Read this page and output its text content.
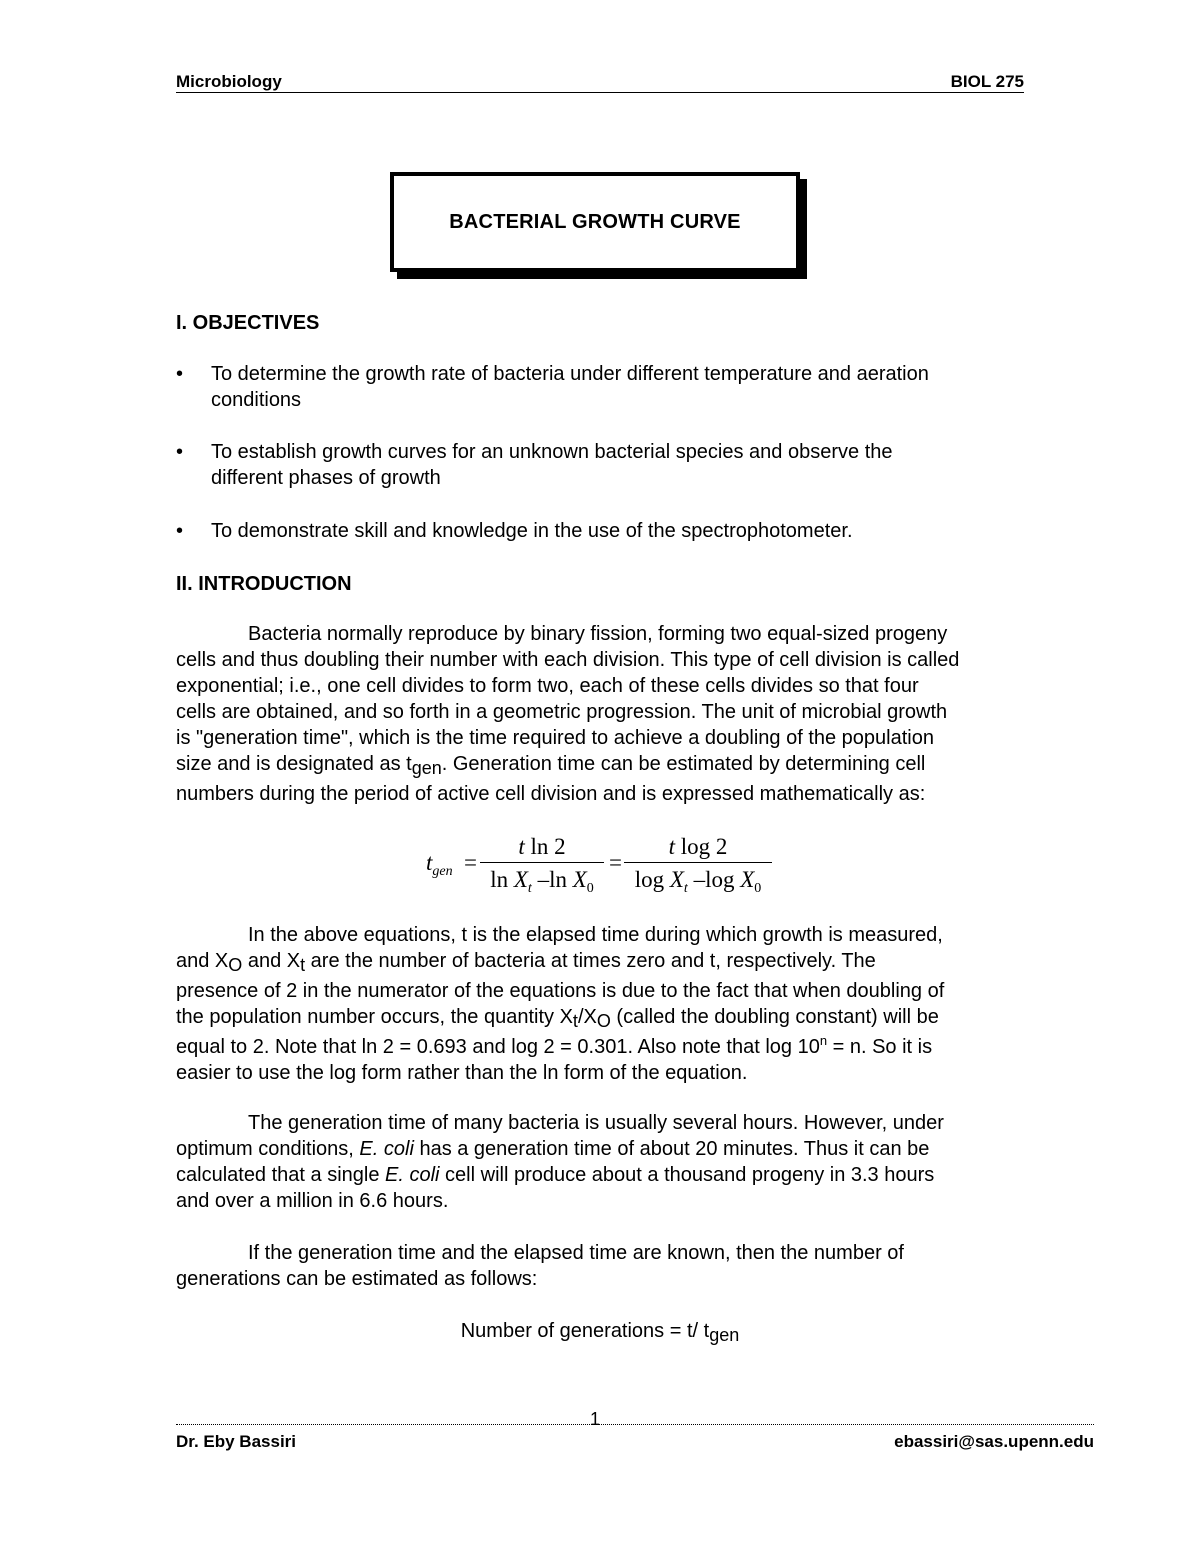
Microbiology	BIOL 275
BACTERIAL GROWTH CURVE
I. OBJECTIVES
•	To determine the growth rate of bacteria under different temperature and aeration
conditions
•	To establish growth curves for an unknown bacterial species and observe the
different phases of growth
•	To demonstrate skill and knowledge in the use of the spectrophotometer.
II. INTRODUCTION
Bacteria normally reproduce by binary fission, forming two equal-sized progeny
cells and thus doubling their number with each division. This type of cell division is called
exponential; i.e., one cell divides to form two, each of these cells divides so that four
cells are obtained, and so forth in a geometric progression. The unit of microbial growth
is "generation time", which is the time required to achieve a doubling of the population
size and is designated as $t_{gen}$. Generation time can be estimated by determining cell
numbers during the period of active cell division and is expressed mathematically as:
$t_{gen} = \frac{\text{t ln 2}}{\ln X_t -\ln X_0} = \frac{\text{t log 2}}{\log X_t -\log X_0}$
In the above equations, t is the elapsed time during which growth is measured,
and $X_O$ and $X_t$ are the number of bacteria at times zero and t, respectively. The
presence of 2 in the numerator of the equations is due to the fact that when doubling of
the population number occurs, the quantity $X_t/X_O$ (called the doubling constant) will be
equal to 2. Note that ln 2 = 0.693 and log 2 = 0.301. Also note that $\log 10^n = n$. So it is
easier to use the log form rather than the ln form of the equation.
The generation time of many bacteria is usually several hours. However, under
optimum conditions, E. coli has a generation time of about 20 minutes. Thus it can be
calculated that a single E. coli cell will produce about a thousand progeny in 3.3 hours
and over a million in 6.6 hours.
If the generation time and the elapsed time are known, then the number of
generations can be estimated as follows:
Number of generations = t/ $t_{gen}$
1
Dr. Eby Bassiri	ebassiri@sas.upenn.edu
